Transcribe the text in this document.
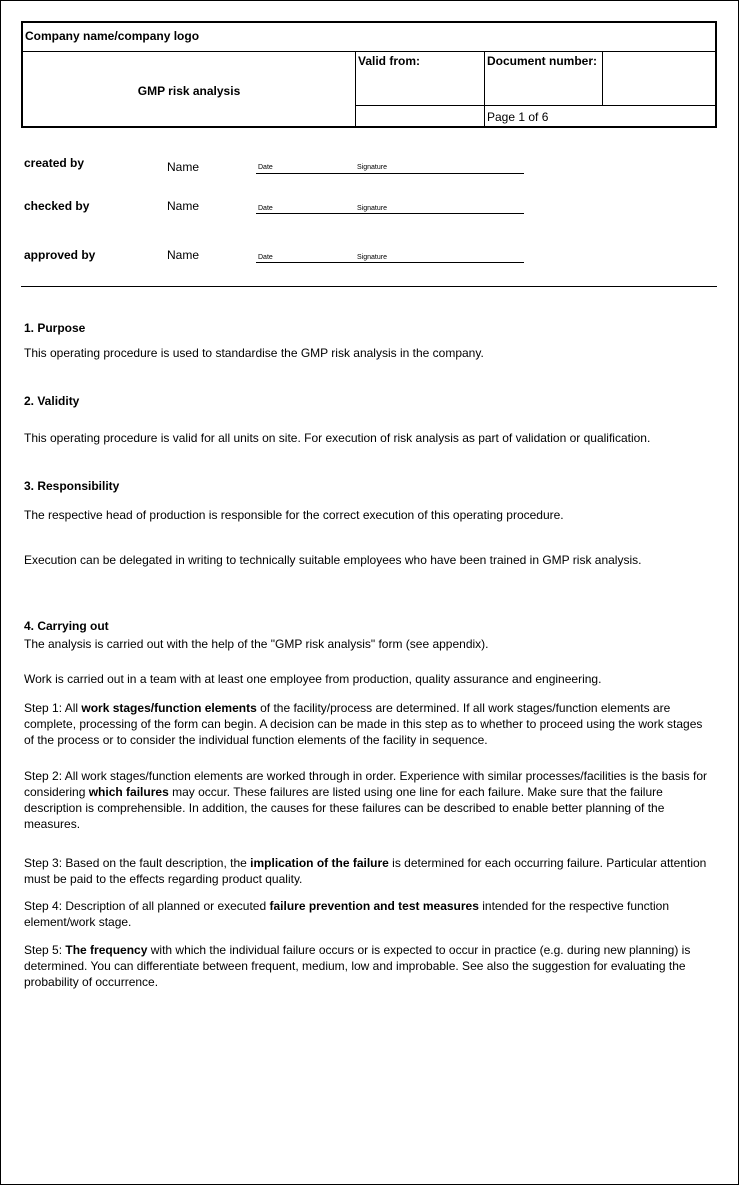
Company name/company logo
GMP risk analysis
Valid from:	Document number:
Page 1 of 6
created by	Name	Date	Signature
checked by	Name	Date	Signature
approved by	Name	Date	Signature
1. Purpose
This operating procedure is used to standardise the GMP risk analysis in the company.
2. Validity
This operating procedure is valid for all units on site. For execution of risk analysis as part of validation or qualification.
3. Responsibility
The respective head of production is responsible for the correct execution of this operating procedure.
Execution can be delegated in writing to technically suitable employees who have been trained in GMP risk analysis.
4. Carrying out
The analysis is carried out with the help of the "GMP risk analysis" form (see appendix).
Work is carried out in a team with at least one employee from production, quality assurance and engineering.
Step 1: All work stages/function elements of the facility/process are determined. If all work stages/function elements are complete, processing of the form can begin. A decision can be made in this step as to whether to proceed using the work stages of the process or to consider the individual function elements of the facility in sequence.
Step 2: All work stages/function elements are worked through in order. Experience with similar processes/facilities is the basis for considering which failures may occur. These failures are listed using one line for each failure. Make sure that the failure description is comprehensible. In addition, the causes for these failures can be described to enable better planning of the measures.
Step 3: Based on the fault description, the implication of the failure is determined for each occurring failure. Particular attention must be paid to the effects regarding product quality.
Step 4: Description of all planned or executed failure prevention and test measures intended for the respective function element/work stage.
Step 5: The frequency with which the individual failure occurs or is expected to occur in practice (e.g. during new planning) is determined. You can differentiate between frequent, medium, low and improbable. See also the suggestion for evaluating the probability of occurrence.
